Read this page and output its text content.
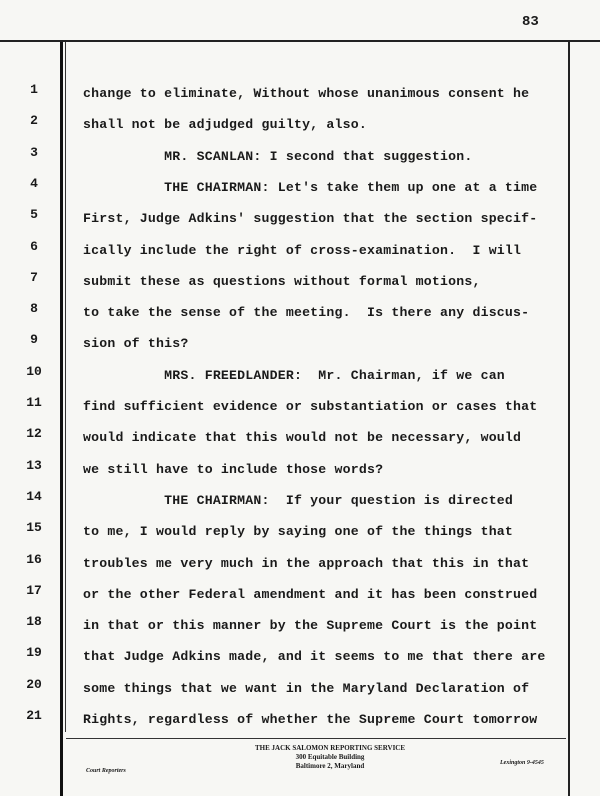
83
1	change to eliminate, Without whose unanimous consent he
2	shall not be adjudged guilty, also.
3	MR. SCANLAN: I second that suggestion.
4	THE CHAIRMAN: Let's take them up one at a time
5	First, Judge Adkins' suggestion that the section specif-
6	ically include the right of cross-examination.  I will
7	submit these as questions without formal motions,
8	to take the sense of the meeting.  Is there any discus-
9	sion of this?
10	MRS. FREEDLANDER:  Mr. Chairman, if we can
11	find sufficient evidence or substantiation or cases that
12	would indicate that this would not be necessary, would
13	we still have to include those words?
14	THE CHAIRMAN:  If your question is directed
15	to me, I would reply by saying one of the things that
16	troubles me very much in the approach that this in that
17	or the other Federal amendment and it has been construed
18	in that or this manner by the Supreme Court is the point
19	that Judge Adkins made, and it seems to me that there are
20	some things that we want in the Maryland Declaration of
21	Rights, regardless of whether the Supreme Court tomorrow
THE JACK SALOMON REPORTING SERVICE
300 Equitable Building
Baltimore 2, Maryland
Court Reporters
Lexington 9-4545
